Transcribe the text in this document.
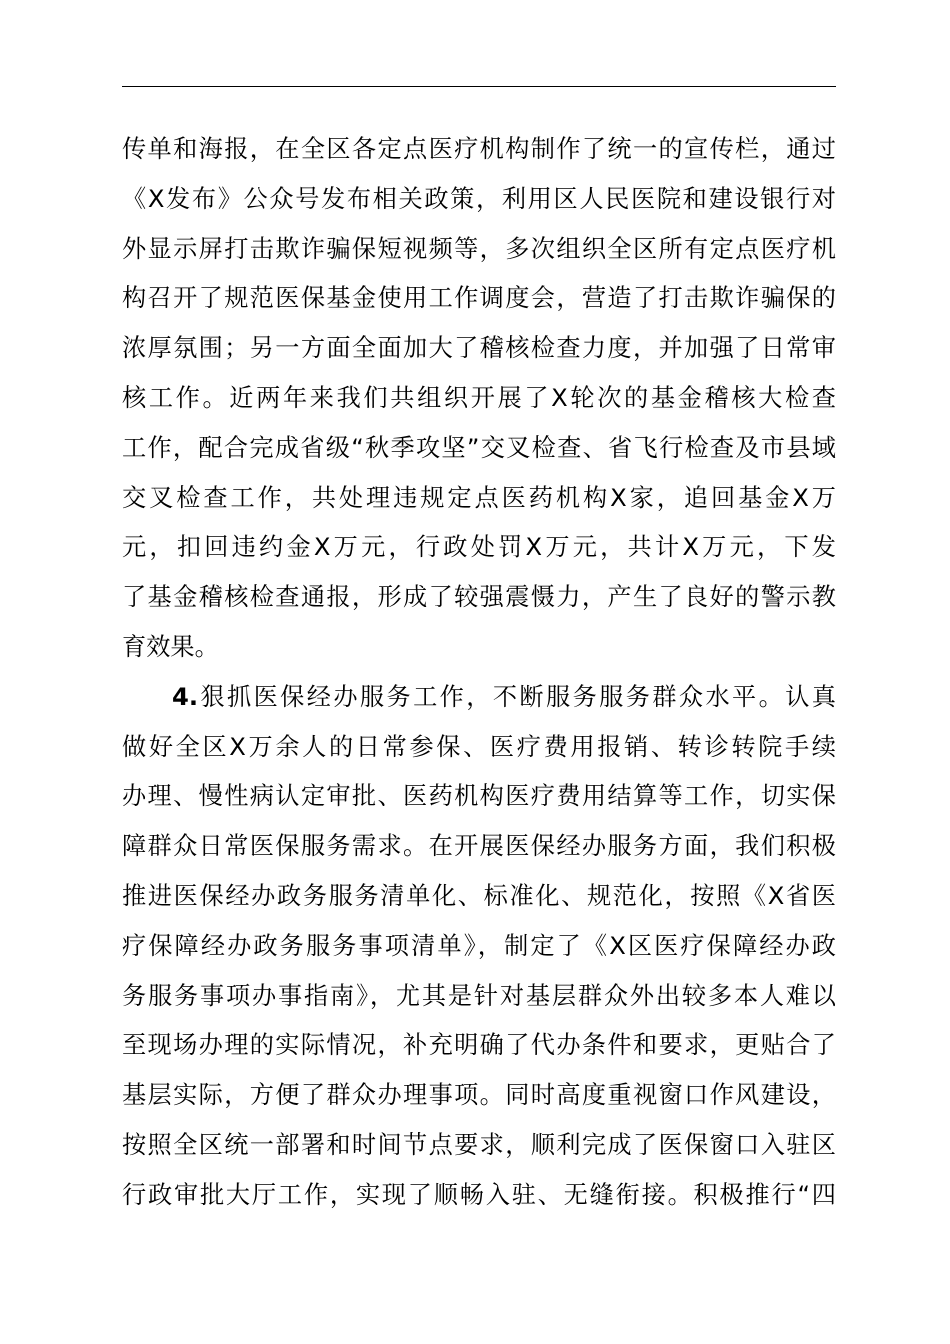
传单和海报，在全区各定点医疗机构制作了统一的宣传栏，通过
《X发布》公众号发布相关政策，利用区人民医院和建设银行对
外显示屏打击欺诈骗保短视频等，多次组织全区所有定点医疗机
构召开了规范医保基金使用工作调度会，营造了打击欺诈骗保的
浓厚氛围；另一方面全面加大了稽核检查力度，并加强了日常审
核工作。近两年来我们共组织开展了X轮次的基金稽核大检查
工作，配合完成省级“秋季攻坚”交叉检查、省飞行检查及市县域
交叉检查工作，共处理违规定点医药机构X家，追回基金X万
元，扣回违约金X万元，行政处罚X万元，共计X万元，下发
了基金稽核检查通报，形成了较强震慑力，产生了良好的警示教
育效果。
4.狠抓医保经办服务工作，不断服务服务群众水平。认真
做好全区X万余人的日常参保、医疗费用报销、转诊转院手续
办理、慢性病认定审批、医药机构医疗费用结算等工作，切实保
障群众日常医保服务需求。在开展医保经办服务方面，我们积极
推进医保经办政务服务清单化、标准化、规范化，按照《X省医
疗保障经办政务服务事项清单》，制定了《X区医疗保障经办政
务服务事项办事指南》，尤其是针对基层群众外出较多本人难以
至现场办理的实际情况，补充明确了代办条件和要求，更贴合了
基层实际，方便了群众办理事项。同时高度重视窗口作风建设，
按照全区统一部署和时间节点要求，顺利完成了医保窗口入驻区
行政审批大厅工作，实现了顺畅入驻、无缝衔接。积极推行“四
